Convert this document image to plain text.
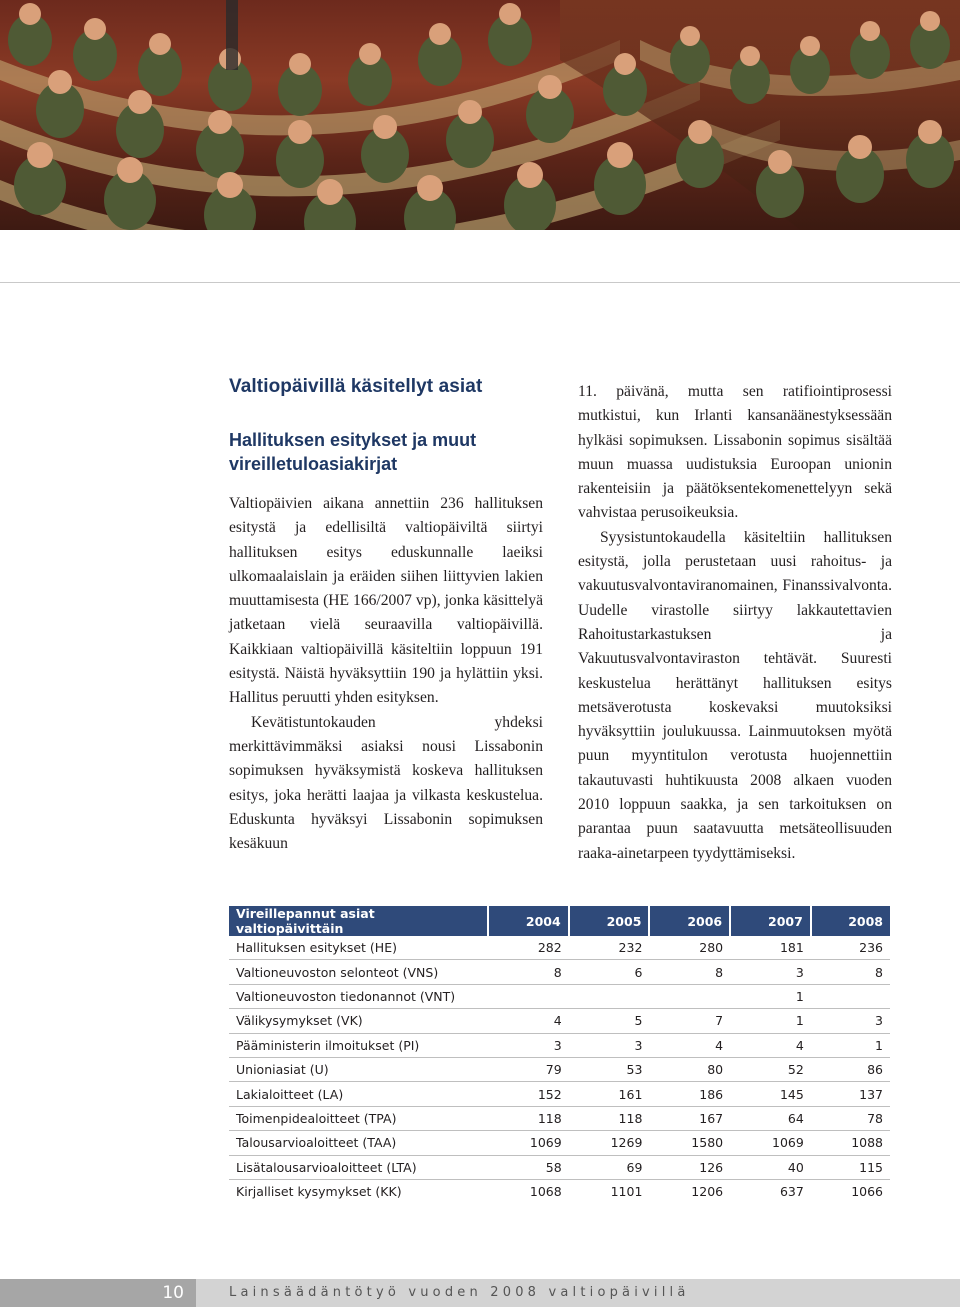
Valtiopäivillä käsitellyt asiat
Hallituksen esitykset ja muut vireilletuloasiakirjat

Valtiopäivien aikana annettiin 236 hallituksen esitystä ja edellisiltä valtiopäiviltä siirtyi hallituksen esitys eduskunnalle laeiksi ulkomaalaislain ja eräiden siihen liittyvien lakien muuttamisesta (HE 166/2007 vp), jonka käsittelyä jatketaan vielä seuraavilla valtiopäivillä. Kaikkiaan valtiopäivillä käsiteltiin loppuun 191 esitystä. Näistä hyväksyttiin 190 ja hylättiin yksi. Hallitus peruutti yhden esityksen.

Kevätistuntokauden yhdeksi merkittävimmäksi asiaksi nousi Lissabonin sopimuksen hyväksymistä koskeva hallituksen esitys, joka herätti laajaa ja vilkasta keskustelua. Eduskunta hyväksyi Lissabonin sopimuksen kesäkuun

11. päivänä, mutta sen ratifiointiprosessi mutkistui, kun Irlanti kansanäänestyksessään hylkäsi sopimuksen. Lissabonin sopimus sisältää muun muassa uudistuksia Euroopan unionin rakenteisiin ja päätöksentekomenettelyyn sekä vahvistaa perusoikeuksia.

Syysistuntokaudella käsiteltiin hallituksen esitystä, jolla perustetaan uusi rahoitus- ja vakuutusvalvontaviranomainen, Finanssivalvonta. Uudelle virastolle siirtyy lakkautettavien Rahoitustarkastuksen ja Vakuutusvalvontaviraston tehtävät. Suuresti keskustelua herättänyt hallituksen esitys metsäverotusta koskevaksi muutoksiksi hyväksyttiin joulukuussa. Lainmuutoksen myötä puun myyntitulon verotusta huojennettiin takautuvasti huhtikuusta 2008 alkaen vuoden 2010 loppuun saakka, ja sen tarkoituksen on parantaa puun saatavuutta metsäteollisuuden raaka-ainetarpeen tyydyttämiseksi.

Vireillepannut asiat valtiopäivittäin	2004	2005	2006	2007	2008
Hallituksen esitykset (HE)	282	232	280	181	236
Valtioneuvoston selonteot (VNS)	8	6	8	3	8
Valtioneuvoston tiedonannot (VNT)				1	
Välikysymykset (VK)	4	5	7	1	3
Pääministerin ilmoitukset (PI)	3	3	4	4	1
Unioniasiat (U)	79	53	80	52	86
Lakialoitteet (LA)	152	161	186	145	137
Toimenpidealoitteet (TPA)	118	118	167	64	78
Talousarvioaloitteet (TAA)	1069	1269	1580	1069	1088
Lisätalousarvioaloitteet (LTA)	58	69	126	40	115
Kirjalliset kysymykset (KK)	1068	1101	1206	637	1066
10	Lainsäädäntötyö vuoden 2008 valtiopäivillä
